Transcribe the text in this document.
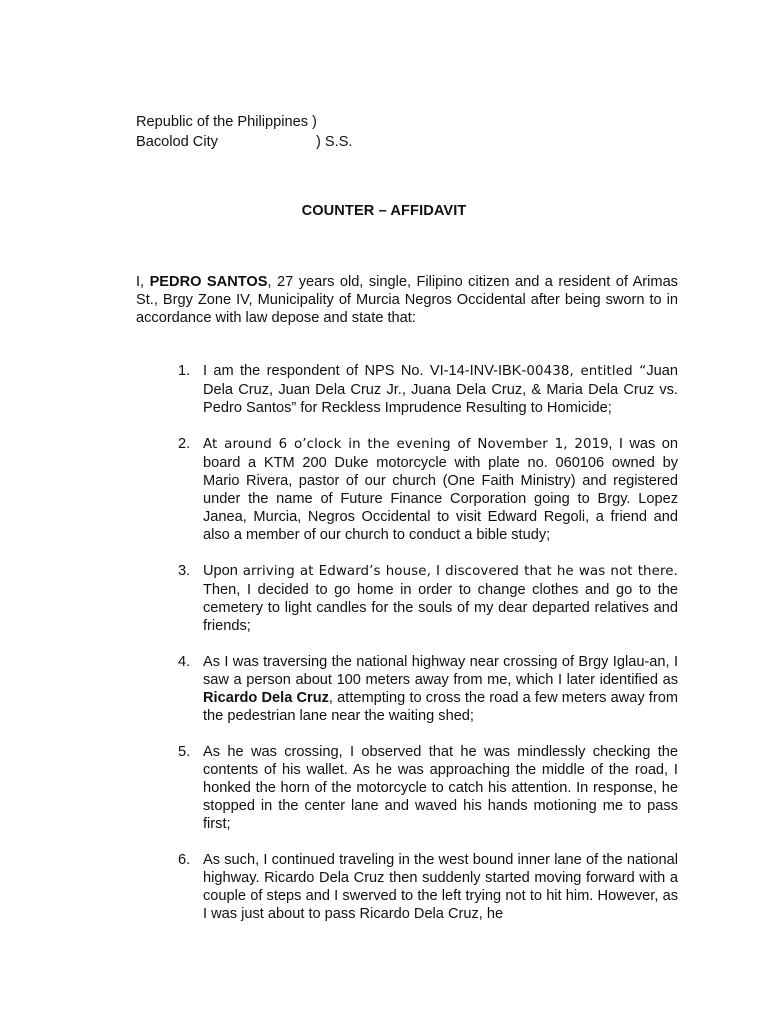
Republic of the Philippines )
Bacolod City	) S.S.
COUNTER – AFFIDAVIT
I, PEDRO SANTOS, 27 years old, single, Filipino citizen and a resident of Arimas St., Brgy Zone IV, Municipality of Murcia Negros Occidental after being sworn to in accordance with law depose and state that:
1. I am the respondent of NPS No. VI-14-INV-IBK-00438, entitled “Juan Dela Cruz, Juan Dela Cruz Jr., Juana Dela Cruz, & Maria Dela Cruz vs. Pedro Santos” for Reckless Imprudence Resulting to Homicide;
2. At around 6 o’clock in the evening of November 1, 2019, I was on board a KTM 200 Duke motorcycle with plate no. 060106 owned by Mario Rivera, pastor of our church (One Faith Ministry) and registered under the name of Future Finance Corporation going to Brgy. Lopez Janea, Murcia, Negros Occidental to visit Edward Regoli, a friend and also a member of our church to conduct a bible study;
3. Upon arriving at Edward’s house, I discovered that he was not there. Then, I decided to go home in order to change clothes and go to the cemetery to light candles for the souls of my dear departed relatives and friends;
4. As I was traversing the national highway near crossing of Brgy Iglau-an, I saw a person about 100 meters away from me, which I later identified as Ricardo Dela Cruz, attempting to cross the road a few meters away from the pedestrian lane near the waiting shed;
5. As he was crossing, I observed that he was mindlessly checking the contents of his wallet. As he was approaching the middle of the road, I honked the horn of the motorcycle to catch his attention. In response, he stopped in the center lane and waved his hands motioning me to pass first;
6. As such, I continued traveling in the west bound inner lane of the national highway. Ricardo Dela Cruz then suddenly started moving forward with a couple of steps and I swerved to the left trying not to hit him. However, as I was just about to pass Ricardo Dela Cruz, he
